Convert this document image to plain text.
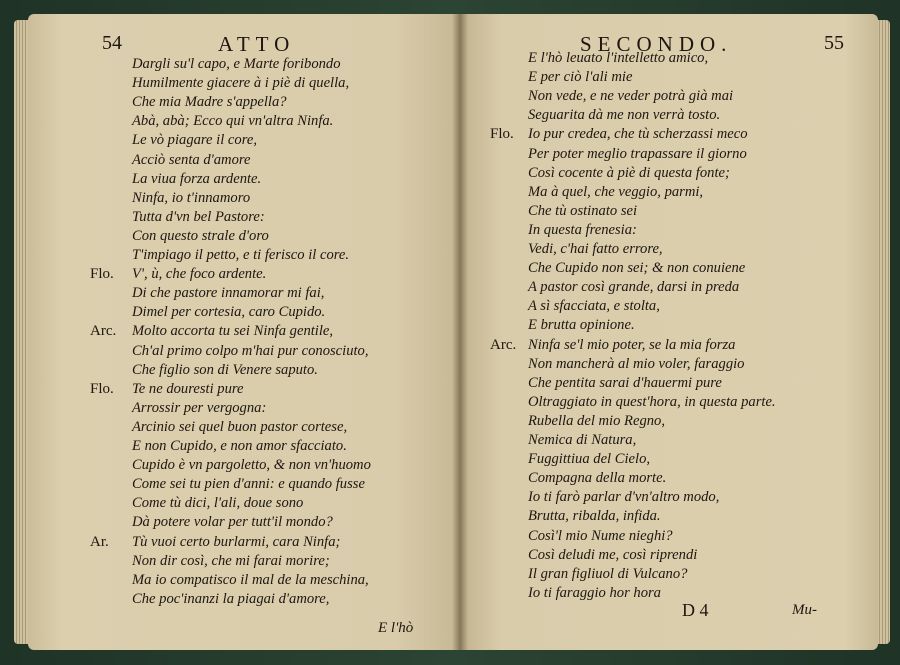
54	ATTO
Dargli su'l capo, e Marte foribondo
Humilmente giacere à i piè di quella,
Che mia Madre s'appella?
Abà, abà; Ecco qui vn'altra Ninfa.
Le vò piagare il core,
Acciò senta d'amore
La viua forza ardente.
Ninfa, io t'innamoro
Tutta d'vn bel Pastore:
Con questo strale d'oro
T'impiago il petto, e ti ferisco il core.
Flo. V', ù, che foco ardente.
Di che pastore innamorar mi fai,
Dimel per cortesia, caro Cupido.
Arc. Molto accorta tu sei Ninfa gentile,
Ch'al primo colpo m'hai pur conosciuto,
Che figlio son di Venere saputo.
Flo. Te ne douresti pure
Arrossir per vergogna:
Arcinio sei quel buon pastor cortese,
E non Cupido, e non amor sfacciato.
Cupido è vn pargoletto, & non vn'huomo
Come sei tu pien d'anni: e quando fusse
Come tù dici, l'ali, doue sono
Dà potere volar per tutt'il mondo?
Ar. Tù vuoi certo burlarmi, cara Ninfa;
Non dir così, che mi farai morire;
Ma io compatisco il mal de la meschina,
Che poc'inanzi la piagai d'amore,
E l'hò
SECONDO.	55
E l'hò leuato l'intelletto amico,
E per ciò l'ali mie
Non vede, e ne veder potrà già mai
Seguarita dà me non verrà tosto.
Flo. Io pur credea, che tù scherzassi meco
Per poter meglio trapassare il giorno
Così cocente à piè di questa fonte;
Ma à quel, che veggio, parmi,
Che tù ostinato sei
In questa frenesia:
Vedi, c'hai fatto errore,
Che Cupido non sei; & non conuiene
A pastor così grande, darsi in preda
A sì sfacciata, e stolta,
E brutta opinione.
Arc. Ninfa se'l mio poter, se la mia forza
Non mancherà al mio voler, faraggio
Che pentita sarai d'hauermi pure
Oltraggiato in quest'hora, in questa parte.
Rubella del mio Regno,
Nemica di Natura,
Fuggittiua del Cielo,
Compagna della morte.
Io ti farò parlar d'vn'altro modo,
Brutta, ribalda, infida.
Così'l mio Nume nieghi?
Così deludi me, così riprendi
Il gran figliuol di Vulcano?
Io ti faraggio hor hora
D 4	Mu-
